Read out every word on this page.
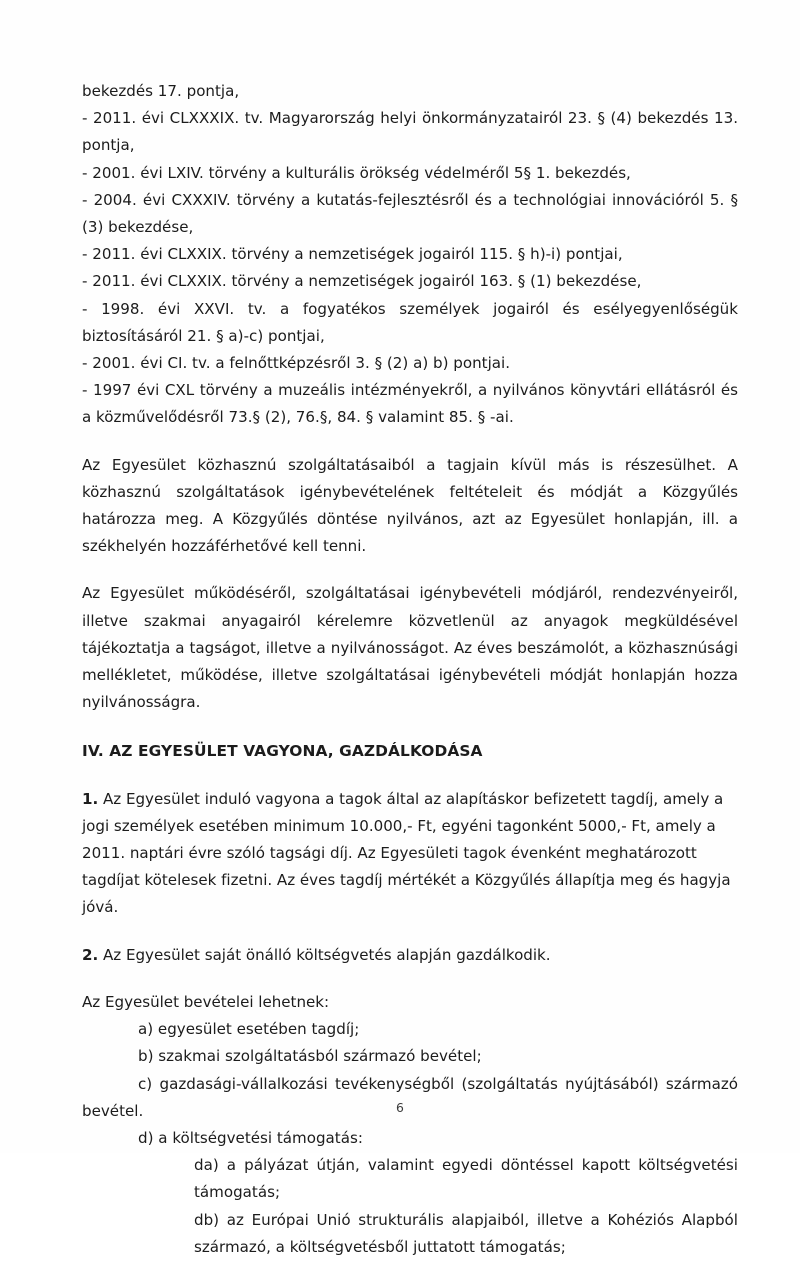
bekezdés 17. pontja,
- 2011. évi CLXXXIX. tv. Magyarország helyi önkormányzatairól 23. § (4) bekezdés 13. pontja,
- 2001. évi LXIV. törvény a kulturális örökség védelméről 5§ 1. bekezdés,
- 2004. évi CXXXIV. törvény a kutatás-fejlesztésről és a technológiai innovációról 5. § (3) bekezdése,
- 2011. évi CLXXIX. törvény a nemzetiségek jogairól 115. § h)-i) pontjai,
- 2011. évi CLXXIX. törvény a nemzetiségek jogairól 163. § (1) bekezdése,
- 1998. évi XXVI. tv. a fogyatékos személyek jogairól és esélyegyenlőségük biztosításáról 21. § a)-c) pontjai,
- 2001. évi CI. tv. a felnőttképzésről 3. § (2) a) b) pontjai.
- 1997 évi CXL törvény a muzeális intézményekről, a nyilvános könyvtári ellátásról és a közművelődésről 73.§ (2), 76.§, 84. § valamint 85. § -ai.

Az Egyesület közhasznú szolgáltatásaiból a tagjain kívül más is részesülhet. A közhasznú szolgáltatások igénybevételének feltételeit és módját a Közgyűlés határozza meg. A Közgyűlés döntése nyilvános, azt az Egyesület honlapján, ill. a székhelyén hozzáférhetővé kell tenni.

Az Egyesület működéséről, szolgáltatásai igénybevételi módjáról, rendezvényeiről, illetve szakmai anyagairól kérelemre közvetlenül az anyagok megküldésével tájékoztatja a tagságot, illetve a nyilvánosságot. Az éves beszámolót, a közhasznúsági mellékletet, működése, illetve szolgáltatásai igénybevételi módját honlapján hozza nyilvánosságra.

IV. AZ EGYESÜLET VAGYONA, GAZDÁLKODÁSA

1. Az Egyesület induló vagyona a tagok által az alapításkor befizetett tagdíj, amely a jogi személyek esetében minimum 10.000,- Ft, egyéni tagonként 5000,- Ft, amely a 2011. naptári évre szóló tagsági díj. Az Egyesületi tagok évenként meghatározott tagdíjat kötelesek fizetni. Az éves tagdíj mértékét a Közgyűlés állapítja meg és hagyja jóvá.

2. Az Egyesület saját önálló költségvetés alapján gazdálkodik.

Az Egyesület bevételei lehetnek:

a) egyesület esetében tagdíj;

b) szakmai szolgáltatásból származó bevétel;

c) gazdasági-vállalkozási tevékenységből (szolgáltatás nyújtásából) származó bevétel.

d) a költségvetési támogatás:

da) a pályázat útján, valamint egyedi döntéssel kapott költségvetési támogatás;

db) az Európai Unió strukturális alapjaiból, illetve a Kohéziós Alapból származó, a költségvetésből juttatott támogatás;

6
